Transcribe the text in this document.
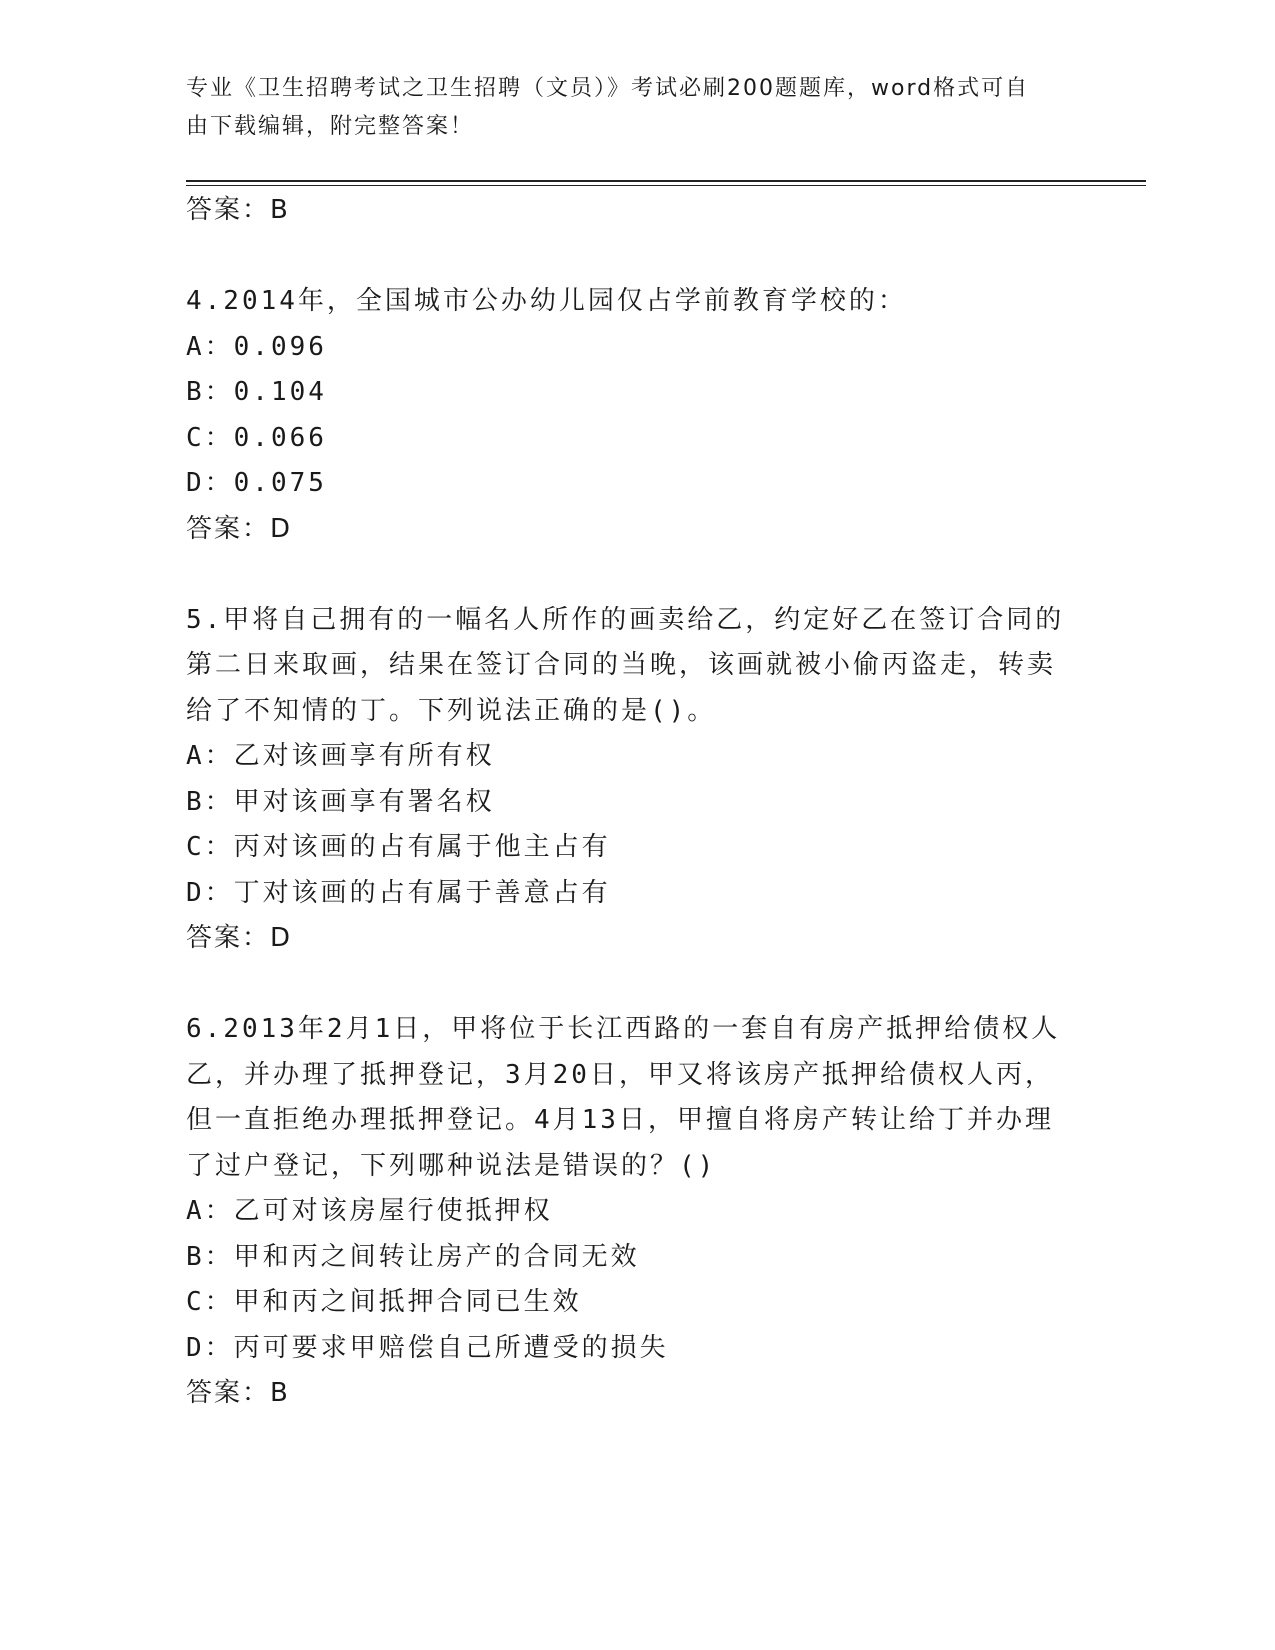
专业《卫生招聘考试之卫生招聘（文员）》考试必刷200题题库，word格式可自
由下载编辑，附完整答案！

答案：B

4.2014年，全国城市公办幼儿园仅占学前教育学校的：

A：0.096

B：0.104

C：0.066

D：0.075

答案：D

5.甲将自己拥有的一幅名人所作的画卖给乙，约定好乙在签订合同的

第二日来取画，结果在签订合同的当晚，该画就被小偷丙盗走，转卖

给了不知情的丁。下列说法正确的是()。

A：乙对该画享有所有权

B：甲对该画享有署名权

C：丙对该画的占有属于他主占有

D：丁对该画的占有属于善意占有

答案：D

6.2013年2月1日，甲将位于长江西路的一套自有房产抵押给债权人

乙，并办理了抵押登记，3月20日，甲又将该房产抵押给债权人丙，

但一直拒绝办理抵押登记。4月13日，甲擅自将房产转让给丁并办理

了过户登记，下列哪种说法是错误的？()

A：乙可对该房屋行使抵押权

B：甲和丙之间转让房产的合同无效

C：甲和丙之间抵押合同已生效

D：丙可要求甲赔偿自己所遭受的损失

答案：B
